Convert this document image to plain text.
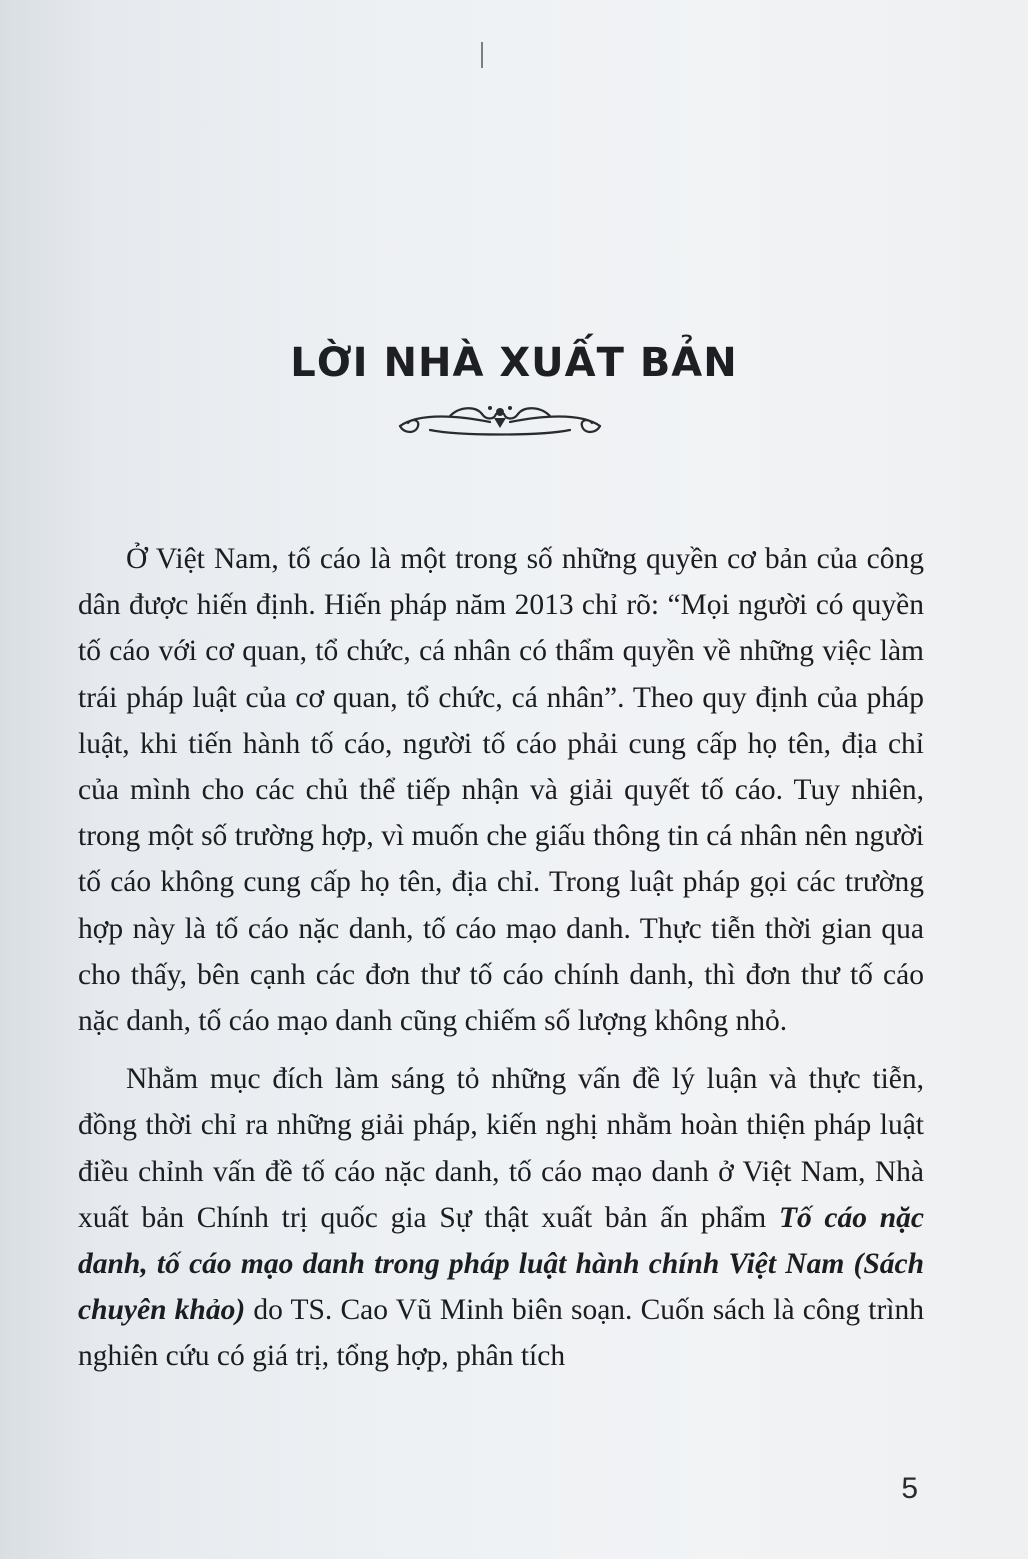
LỜI NHÀ XUẤT BẢN

Ở Việt Nam, tố cáo là một trong số những quyền cơ bản của công dân được hiến định. Hiến pháp năm 2013 chỉ rõ: “Mọi người có quyền tố cáo với cơ quan, tổ chức, cá nhân có thẩm quyền về những việc làm trái pháp luật của cơ quan, tổ chức, cá nhân”. Theo quy định của pháp luật, khi tiến hành tố cáo, người tố cáo phải cung cấp họ tên, địa chỉ của mình cho các chủ thể tiếp nhận và giải quyết tố cáo. Tuy nhiên, trong một số trường hợp, vì muốn che giấu thông tin cá nhân nên người tố cáo không cung cấp họ tên, địa chỉ. Trong luật pháp gọi các trường hợp này là tố cáo nặc danh, tố cáo mạo danh. Thực tiễn thời gian qua cho thấy, bên cạnh các đơn thư tố cáo chính danh, thì đơn thư tố cáo nặc danh, tố cáo mạo danh cũng chiếm số lượng không nhỏ.

Nhằm mục đích làm sáng tỏ những vấn đề lý luận và thực tiễn, đồng thời chỉ ra những giải pháp, kiến nghị nhằm hoàn thiện pháp luật điều chỉnh vấn đề tố cáo nặc danh, tố cáo mạo danh ở Việt Nam, Nhà xuất bản Chính trị quốc gia Sự thật xuất bản ấn phẩm Tố cáo nặc danh, tố cáo mạo danh trong pháp luật hành chính Việt Nam (Sách chuyên khảo) do TS. Cao Vũ Minh biên soạn. Cuốn sách là công trình nghiên cứu có giá trị, tổng hợp, phân tích

5
